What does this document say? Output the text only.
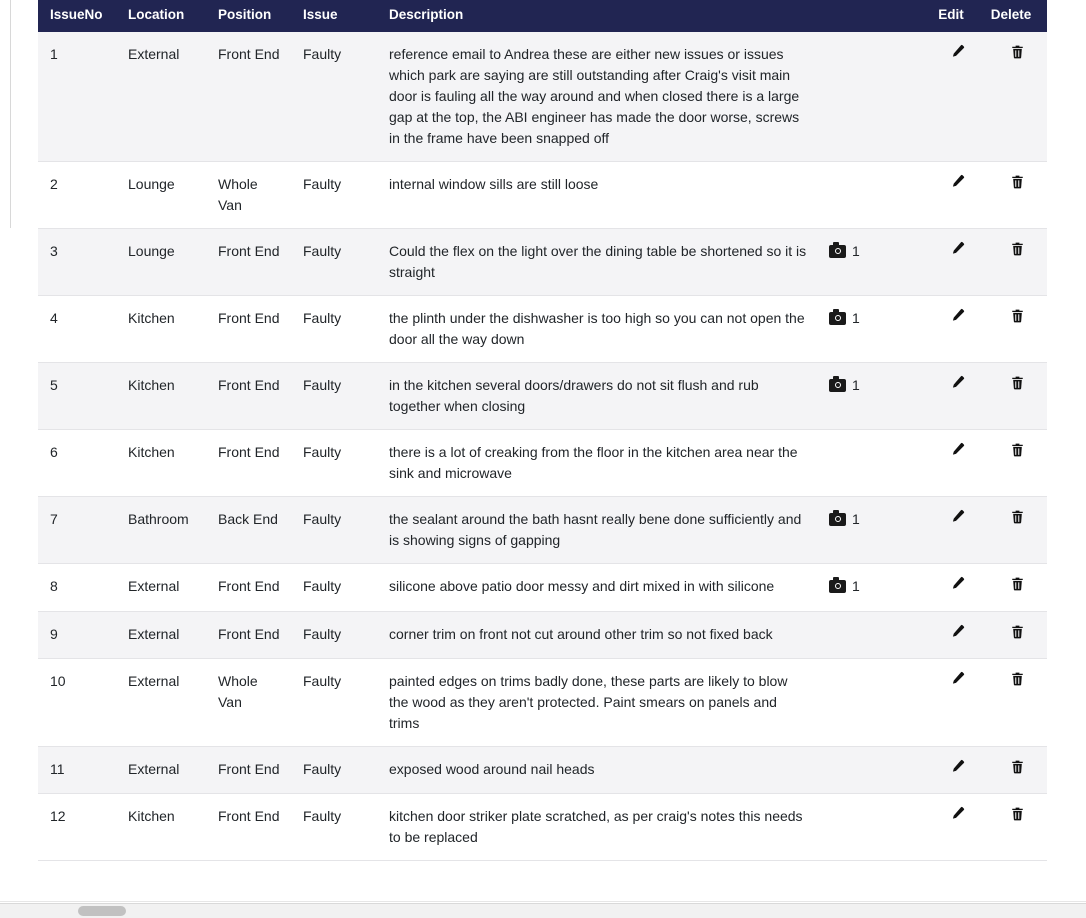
IssueNo	Location	Position	Issue	Description		Edit	Delete
1	External	Front End	Faulty	reference email to Andrea these are either new issues or issues which park are saying are still outstanding after Craig's visit main door is fauling all the way around and when closed there is a large gap at the top, the ABI engineer has made the door worse, screws in the frame have been snapped off		

2	Lounge	Whole Van	Faulty	internal window sills are still loose		

3	Lounge	Front End	Faulty	Could the flex on the light over the dining table be shortened so it is straight	1

4	Kitchen	Front End	Faulty	the plinth under the dishwasher is too high so you can not open the door all the way down	1

5	Kitchen	Front End	Faulty	in the kitchen several doors/drawers do not sit flush and rub together when closing	1

6	Kitchen	Front End	Faulty	there is a lot of creaking from the floor in the kitchen area near the sink and microwave		

7	Bathroom	Back End	Faulty	the sealant around the bath hasnt really bene done sufficiently and is showing signs of gapping	1

8	External	Front End	Faulty	silicone above patio door messy and dirt mixed in with silicone	1

9	External	Front End	Faulty	corner trim on front not cut around other trim so not fixed back		

10	External	Whole Van	Faulty	painted edges on trims badly done, these parts are likely to blow the wood as they aren't protected. Paint smears on panels and trims		

11	External	Front End	Faulty	exposed wood around nail heads		

12	Kitchen	Front End	Faulty	kitchen door striker plate scratched, as per craig's notes this needs to be replaced		
